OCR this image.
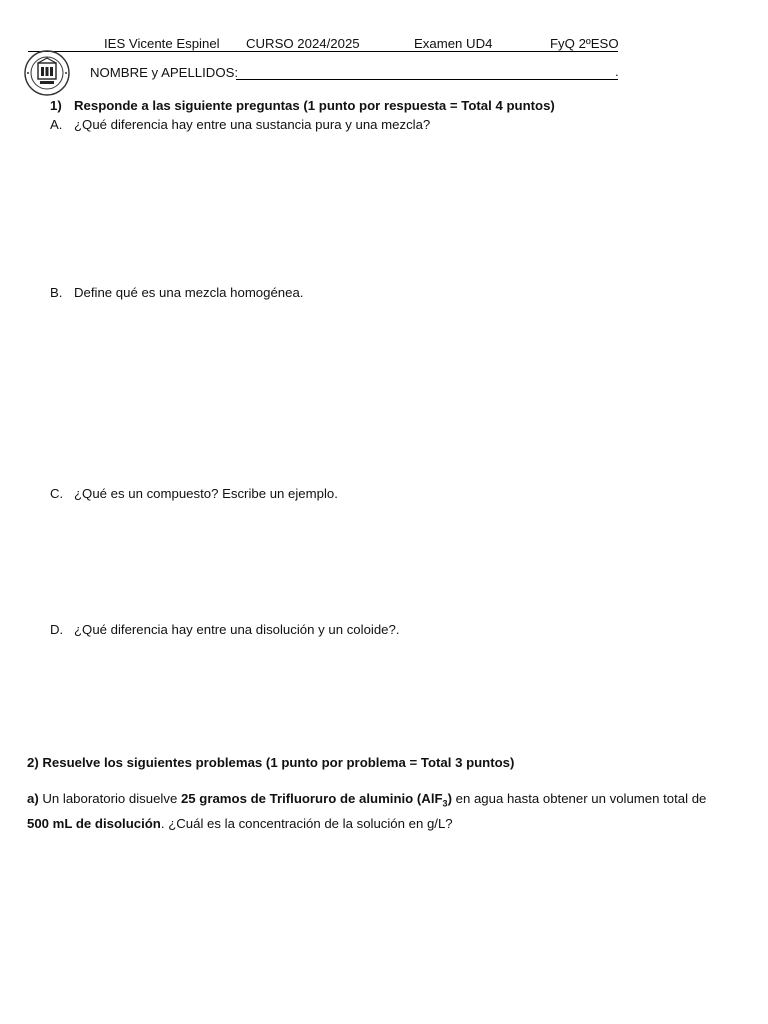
IES Vicente Espinel CURSO 2024/2025	Examen UD4	FyQ 2ºESO
NOMBRE y APELLIDOS:	.
1) Responde a las siguiente preguntas (1 punto por respuesta = Total 4 puntos)
A. ¿Qué diferencia hay entre una sustancia pura y una mezcla?
B. Define qué es una mezcla homogénea.
C. ¿Qué es un compuesto? Escribe un ejemplo.
D. ¿Qué diferencia hay entre una disolución y un coloide?.
2) Resuelve los siguientes problemas (1 punto por problema = Total 3 puntos)
a) Un laboratorio disuelve 25 gramos de Trifluoruro de aluminio (AlF$_3$) en agua hasta obtener un volumen total de 500 mL de disolución. ¿Cuál es la concentración de la solución en g/L?
